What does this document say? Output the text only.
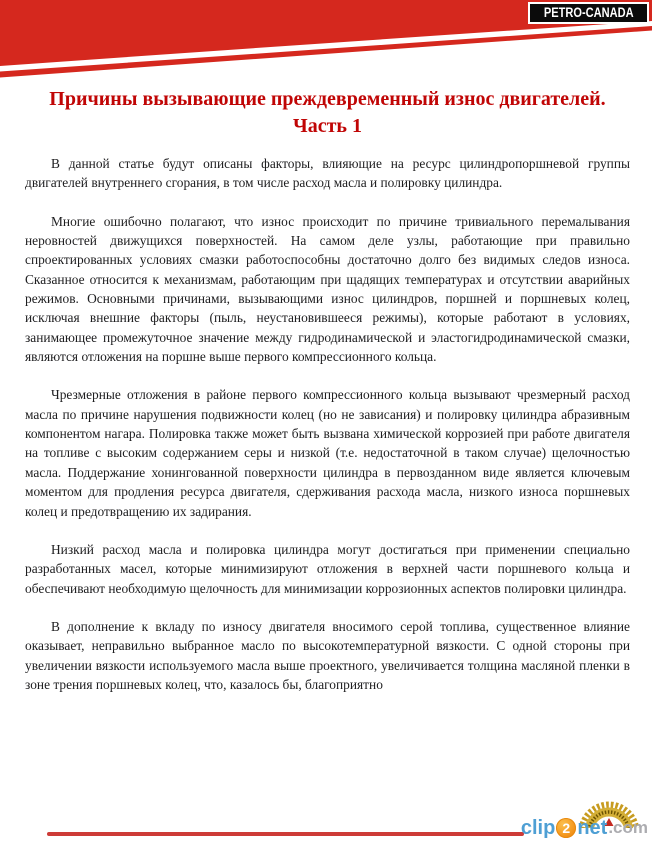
PETRO-CANADA
Причины вызывающие преждевременный износ двигателей. Часть 1

В данной статье будут описаны факторы, влияющие на ресурс цилиндропоршневой группы двигателей внутреннего сгорания, в том числе расход масла и полировку цилиндра.

Многие ошибочно полагают, что износ происходит по причине тривиального перемалывания неровностей движущихся поверхностей. На самом деле узлы, работающие при правильно спроектированных условиях смазки работоспособны достаточно долго без видимых следов износа. Сказанное относится к механизмам, работающим при щадящих температурах и отсутствии аварийных режимов. Основными причинами, вызывающими износ цилиндров, поршней и поршневых колец, исключая внешние факторы (пыль, неустановившееся режимы), которые работают в условиях, занимающее промежуточное значение между гидродинамической и эластогидродинамической смазки, являются отложения на поршне выше первого компрессионного кольца.

Чрезмерные отложения в районе первого компрессионного кольца вызывают чрезмерный расход масла по причине нарушения подвижности колец (но не зависания) и полировку цилиндра абразивным компонентом нагара. Полировка также может быть вызвана химической коррозией при работе двигателя на топливе с высоким содержанием серы и низкой (т.е. недостаточной в таком случае) щелочностью масла. Поддержание хонингованной поверхности цилиндра в первозданном виде является ключевым моментом для продления ресурса двигателя, сдерживания расхода масла, низкого износа поршневых колец и предотвращению их задирания.

Низкий расход масла и полировка цилиндра могут достигаться при применении специально разработанных масел, которые минимизируют отложения в верхней части поршневого кольца и обеспечивают необходимую щелочность для минимизации коррозионных аспектов полировки цилиндра.

В дополнение к вкладу по износу двигателя вносимого серой топлива, существенное влияние оказывает, неправильно выбранное масло по высокотемпературной вязкости. С одной стороны при увеличении вязкости используемого масла выше проектного, увеличивается толщина масляной пленки в зоне трения поршневых колец, что, казалось бы, благоприятно

clip 2 net .com
